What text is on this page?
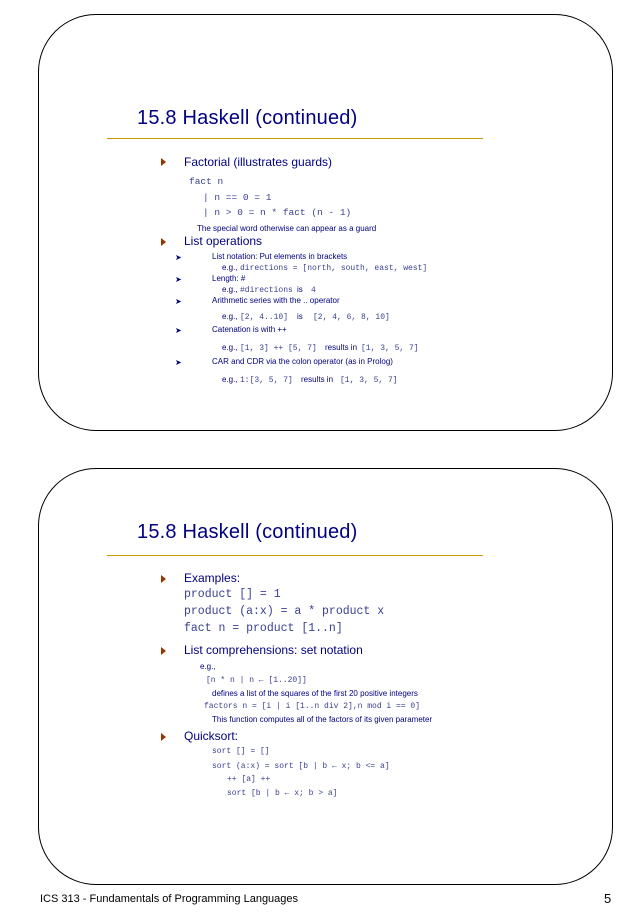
15.8 Haskell (continued)
Factorial (illustrates guards)
fact n
| n == 0 = 1
| n > 0 = n * fact (n - 1)
The special word otherwise can appear as a guard
List operations
➤	List notation: Put elements in brackets
e.g., directions = [north, south, east, west]
➤	Length: #
e.g., #directions is 4
➤	Arithmetic series with the .. operator
e.g., [2, 4..10] is [2, 4, 6, 8, 10]
➤	Catenation is with ++
e.g., [1, 3] ++ [5, 7] results in [1, 3, 5, 7]
➤	CAR and CDR via the colon operator (as in Prolog)
e.g., 1:[3, 5, 7] results in [1, 3, 5, 7]
15.8 Haskell (continued)
Examples:
product [] = 1
product (a:x) = a * product x
fact n = product [1..n]
List comprehensions: set notation
e.g.,
[n * n | n ← [1..20]]
defines a list of the squares of the first 20 positive integers
factors n = [i | i [1..n div 2],n mod i == 0]
This function computes all of the factors of its given parameter
Quicksort:
sort [] = []
sort (a:x) = sort [b | b ← x; b <= a]
++ [a] ++
sort [b | b ← x; b > a]
ICS 313 - Fundamentals of Programming Languages	5
